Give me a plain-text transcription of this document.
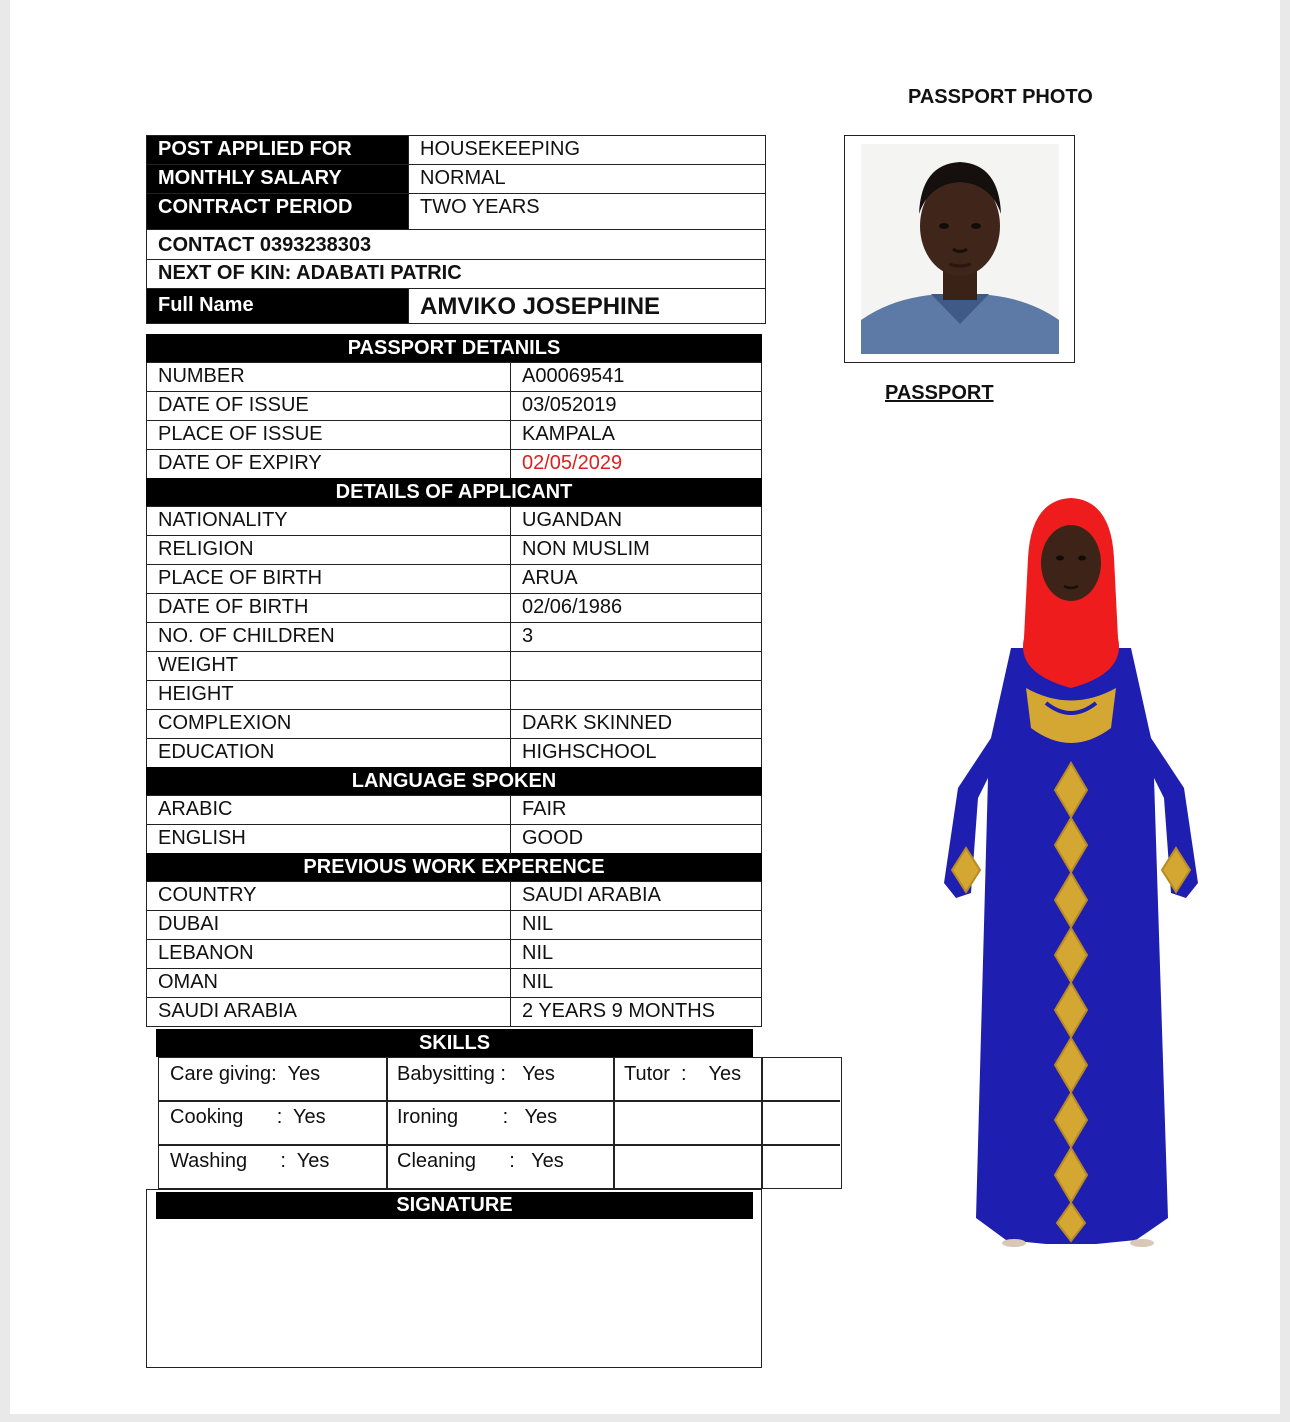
POST APPLIED FOR	HOUSEKEEPING
MONTHLY SALARY	NORMAL
CONTRACT PERIOD	TWO YEARS
CONTACT 0393238303
NEXT OF KIN: ADABATI PATRIC
Full Name	AMVIKO JOSEPHINE
SKILLS
Care giving:  Yes	Babysitting :   Yes	Tutor  :    Yes
Cooking      :  Yes	Ironing        :   Yes
Washing      :  Yes	Cleaning      :   Yes
SIGNATURE
PASSPORT PHOTO
PASSPORT
PASSPORT DETANILS
NUMBER	A00069541
DATE OF ISSUE	03/052019
PLACE OF ISSUE	KAMPALA
DATE OF EXPIRY	02/05/2029
DETAILS OF APPLICANT
NATIONALITY	UGANDAN
RELIGION	NON MUSLIM
PLACE OF BIRTH	ARUA
DATE OF BIRTH	02/06/1986
NO. OF CHILDREN	3
WEIGHT
HEIGHT
COMPLEXION	DARK SKINNED
EDUCATION	HIGHSCHOOL
LANGUAGE SPOKEN
ARABIC	FAIR
ENGLISH	GOOD
PREVIOUS WORK EXPERENCE
COUNTRY	SAUDI ARABIA
DUBAI	NIL
LEBANON	NIL
OMAN	NIL
SAUDI ARABIA	2 YEARS 9 MONTHS
